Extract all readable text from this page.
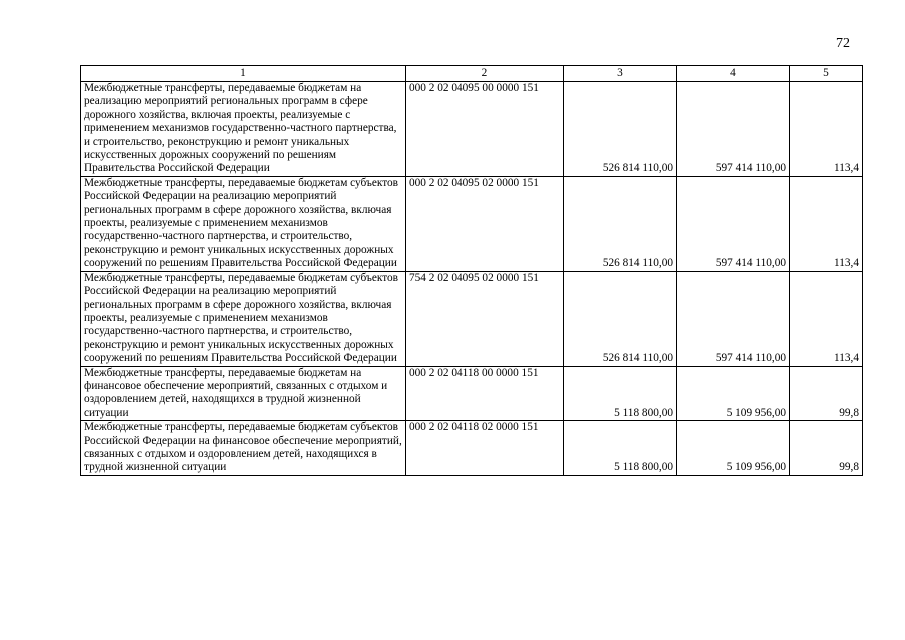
72
1	2	3	4	5
Межбюджетные трансферты, передаваемые бюджетам на реализацию мероприятий региональных программ в сфере дорожного хозяйства, включая проекты, реализуемые с применением механизмов государственно-частного партнерства, и строительство, реконструкцию и ремонт уникальных искусственных дорожных сооружений по решениям Правительства Российской Федерации	000 2 02 04095 00 0000 151	526 814 110,00	597 414 110,00	113,4
Межбюджетные трансферты, передаваемые бюджетам субъектов Российской Федерации на реализацию мероприятий региональных программ в сфере дорожного хозяйства, включая проекты, реализуемые с применением механизмов государственно-частного партнерства, и строительство, реконструкцию и ремонт уникальных искусственных дорожных сооружений по решениям Правительства Российской Федерации	000 2 02 04095 02 0000 151	526 814 110,00	597 414 110,00	113,4
Межбюджетные трансферты, передаваемые бюджетам субъектов Российской Федерации на реализацию мероприятий региональных программ в сфере дорожного хозяйства, включая проекты, реализуемые с применением механизмов государственно-частного партнерства, и строительство, реконструкцию и ремонт уникальных искусственных дорожных сооружений по решениям Правительства Российской Федерации	754 2 02 04095 02 0000 151	526 814 110,00	597 414 110,00	113,4
Межбюджетные трансферты, передаваемые бюджетам на финансовое обеспечение мероприятий, связанных с отдыхом и оздоровлением детей, находящихся в трудной жизненной ситуации	000 2 02 04118 00 0000 151	5 118 800,00	5 109 956,00	99,8
Межбюджетные трансферты, передаваемые бюджетам субъектов Российской Федерации на финансовое обеспечение мероприятий, связанных с отдыхом и оздоровлением детей, находящихся в трудной жизненной ситуации	000 2 02 04118 02 0000 151	5 118 800,00	5 109 956,00	99,8
